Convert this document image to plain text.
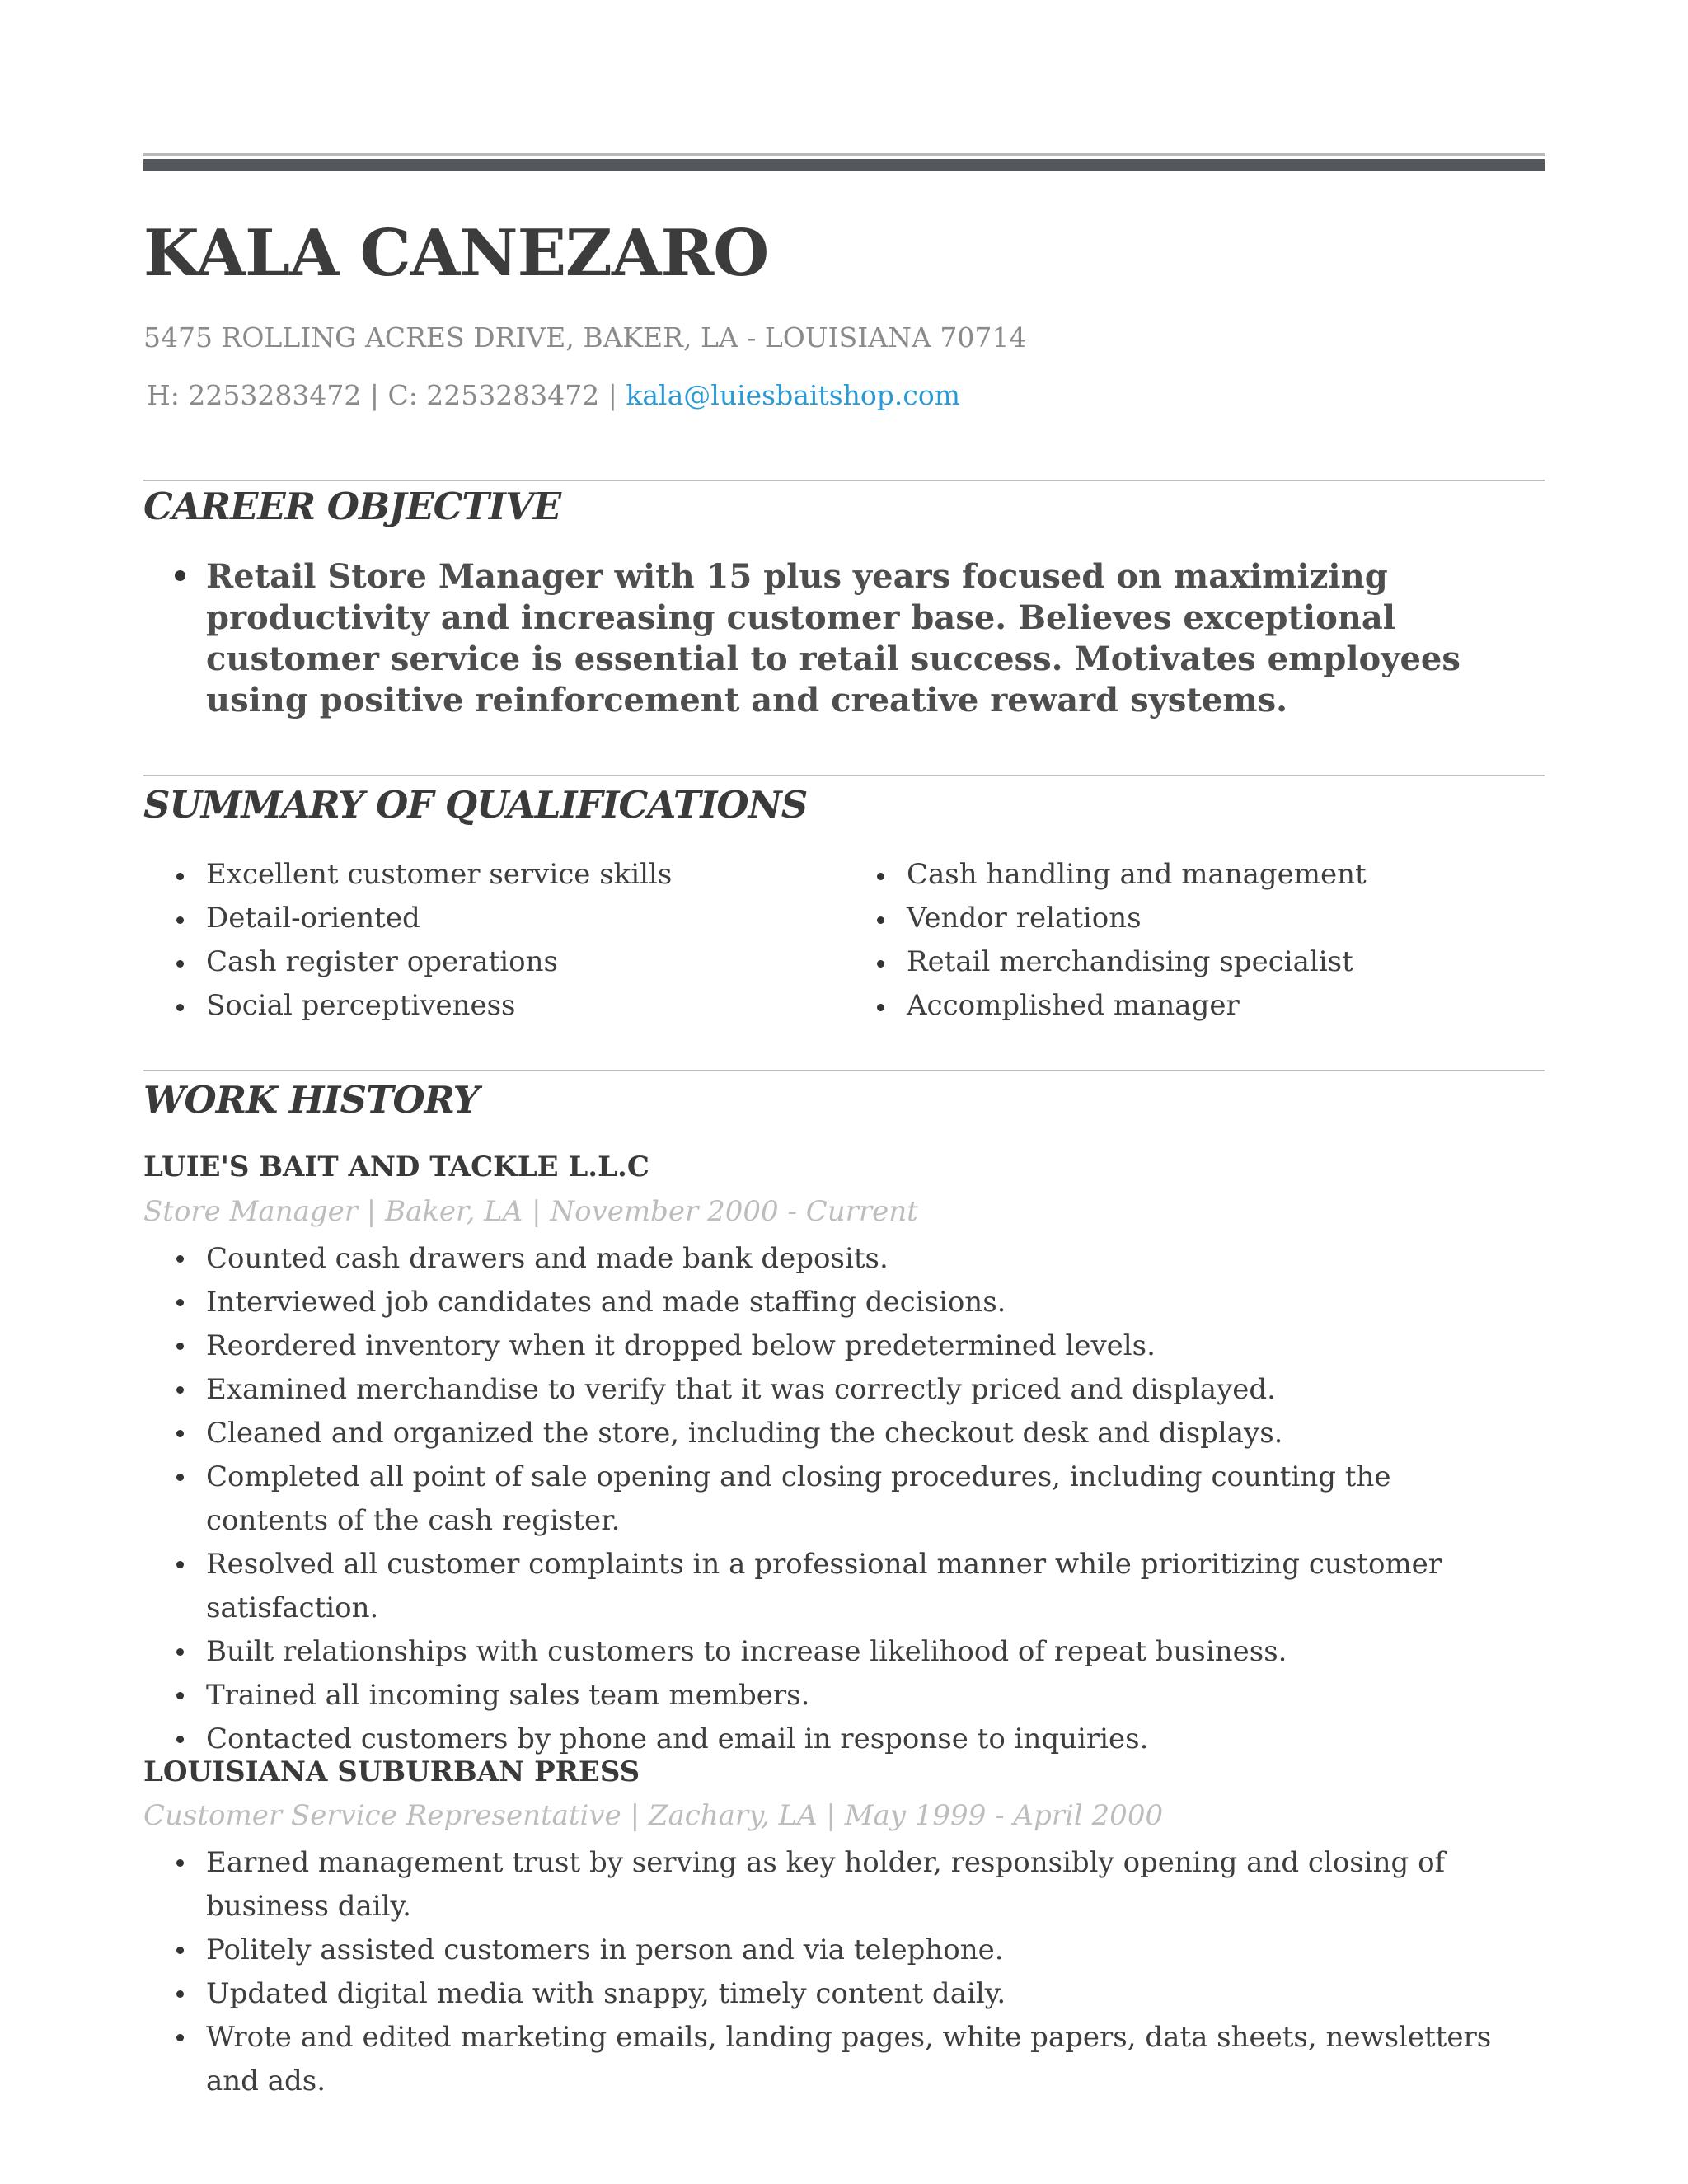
KALA CANEZARO
5475 ROLLING ACRES DRIVE, BAKER, LA - LOUISIANA 70714
H: 2253283472 | C: 2253283472 | kala@luiesbaitshop.com
CAREER OBJECTIVE
Retail Store Manager with 15 plus years focused on maximizing productivity and increasing customer base. Believes exceptional customer service is essential to retail success. Motivates employees using positive reinforcement and creative reward systems.
SUMMARY OF QUALIFICATIONS
Excellent customer service skills
Detail-oriented
Cash register operations
Social perceptiveness
Cash handling and management
Vendor relations
Retail merchandising specialist
Accomplished manager
WORK HISTORY
LUIE'S BAIT AND TACKLE L.L.C
Store Manager | Baker, LA | November 2000 - Current
Counted cash drawers and made bank deposits.
Interviewed job candidates and made staffing decisions.
Reordered inventory when it dropped below predetermined levels.
Examined merchandise to verify that it was correctly priced and displayed.
Cleaned and organized the store, including the checkout desk and displays.
Completed all point of sale opening and closing procedures, including counting the contents of the cash register.
Resolved all customer complaints in a professional manner while prioritizing customer satisfaction.
Built relationships with customers to increase likelihood of repeat business.
Trained all incoming sales team members.
Contacted customers by phone and email in response to inquiries.
LOUISIANA SUBURBAN PRESS
Customer Service Representative | Zachary, LA | May 1999 - April 2000
Earned management trust by serving as key holder, responsibly opening and closing of business daily.
Politely assisted customers in person and via telephone.
Updated digital media with snappy, timely content daily.
Wrote and edited marketing emails, landing pages, white papers, data sheets, newsletters and ads.
